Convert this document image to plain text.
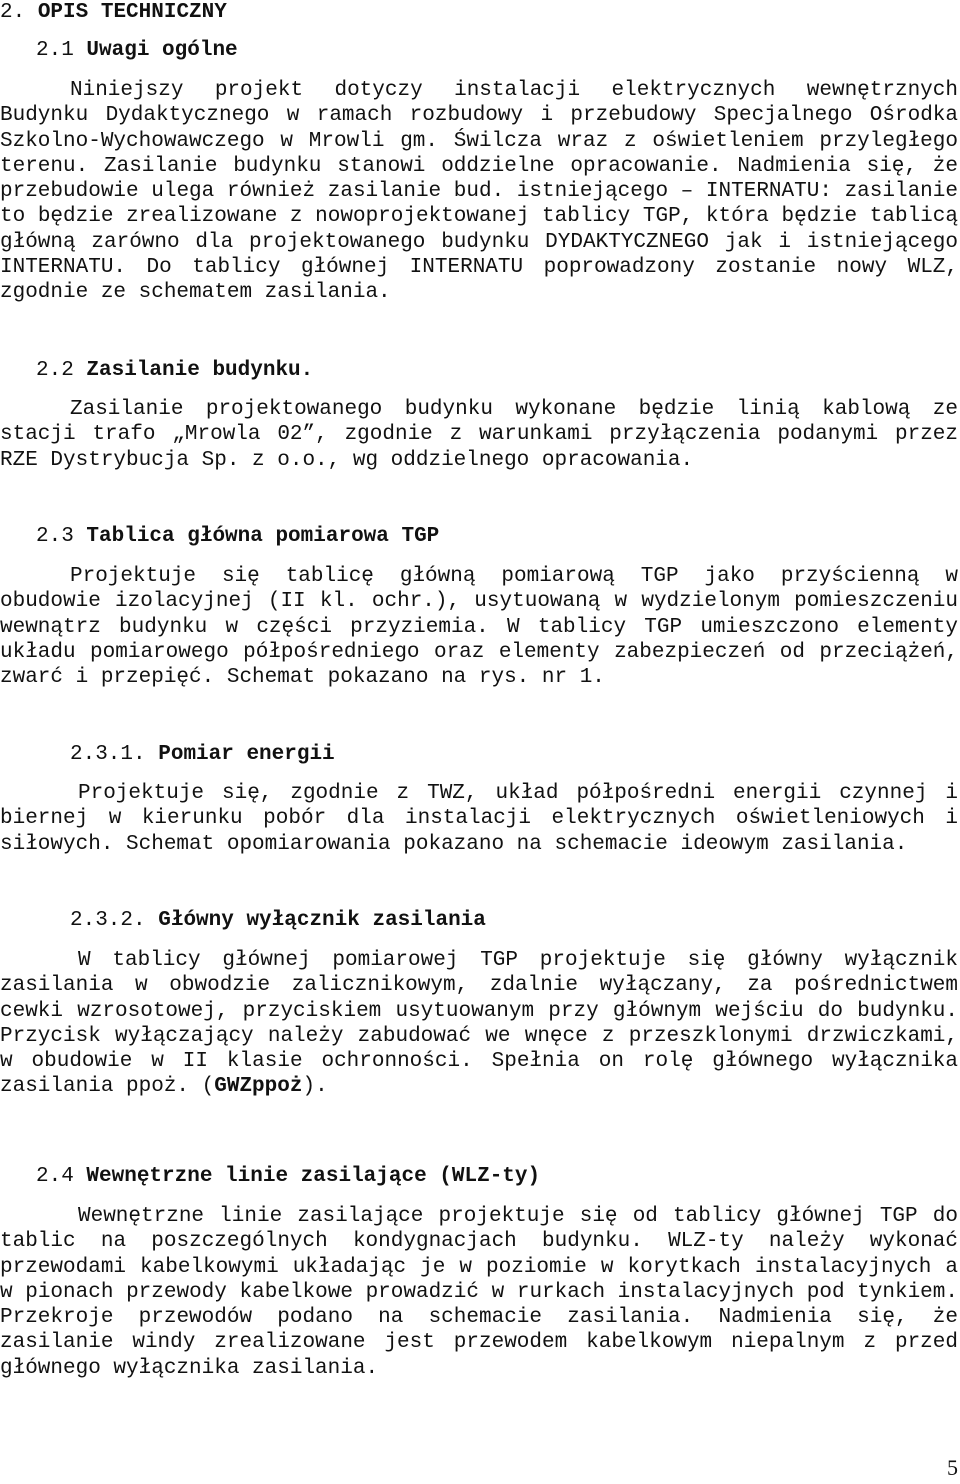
2. OPIS TECHNICZNY
2.1 Uwagi ogólne

Niniejszy projekt dotyczy instalacji elektrycznych wewnętrznych Budynku Dydaktycznego w ramach rozbudowy i przebudowy Specjalnego Ośrodka Szkolno-Wychowawczego w Mrowli gm. Świlcza wraz z oświetleniem przyległego terenu. Zasilanie budynku stanowi oddzielne opracowanie. Nadmienia się, że przebudowie ulega również zasilanie bud. istniejącego – INTERNATU: zasilanie to będzie zrealizowane z nowoprojektowanej tablicy TGP, która będzie tablicą główną zarówno dla projektowanego budynku DYDAKTYCZNEGO jak i istniejącego INTERNATU. Do tablicy głównej INTERNATU poprowadzony zostanie nowy WLZ, zgodnie ze schematem zasilania.

2.2 Zasilanie budynku.

Zasilanie projektowanego budynku wykonane będzie linią kablową ze stacji trafo „Mrowla 02”, zgodnie z warunkami przyłączenia podanymi przez RZE Dystrybucja Sp. z o.o., wg oddzielnego opracowania.

2.3 Tablica główna pomiarowa TGP

Projektuje się tablicę główną pomiarową TGP jako przyścienną w obudowie izolacyjnej (II kl. ochr.), usytuowaną w wydzielonym pomieszczeniu wewnątrz budynku w części przyziemia. W tablicy TGP umieszczono elementy układu pomiarowego półpośredniego oraz elementy zabezpieczeń od przeciążeń, zwarć i przepięć. Schemat pokazano na rys. nr 1.

2.3.1. Pomiar energii

Projektuje się, zgodnie z TWZ, układ półpośredni energii czynnej i biernej w kierunku pobór dla instalacji elektrycznych oświetleniowych i siłowych. Schemat opomiarowania pokazano na schemacie ideowym zasilania.

2.3.2. Główny wyłącznik zasilania

W tablicy głównej pomiarowej TGP projektuje się główny wyłącznik zasilania w obwodzie zalicznikowym, zdalnie wyłączany, za pośrednictwem cewki wzrosotowej, przyciskiem usytuowanym przy głównym wejściu do budynku. Przycisk wyłączający należy zabudować we wnęce z przeszklonymi drzwiczkami, w obudowie w II klasie ochronności. Spełnia on rolę głównego wyłącznika zasilania ppoż. (GWZppoż).

2.4 Wewnętrzne linie zasilające (WLZ-ty)

Wewnętrzne linie zasilające projektuje się od tablicy głównej TGP do tablic na poszczególnych kondygnacjach budynku. WLZ-ty należy wykonać przewodami kabelkowymi układając je w poziomie w korytkach instalacyjnych a w pionach przewody kabelkowe prowadzić w rurkach instalacyjnych pod tynkiem. Przekroje przewodów podano na schemacie zasilania. Nadmienia się, że zasilanie windy zrealizowane jest przewodem kabelkowym niepalnym z przed głównego wyłącznika zasilania.

5
